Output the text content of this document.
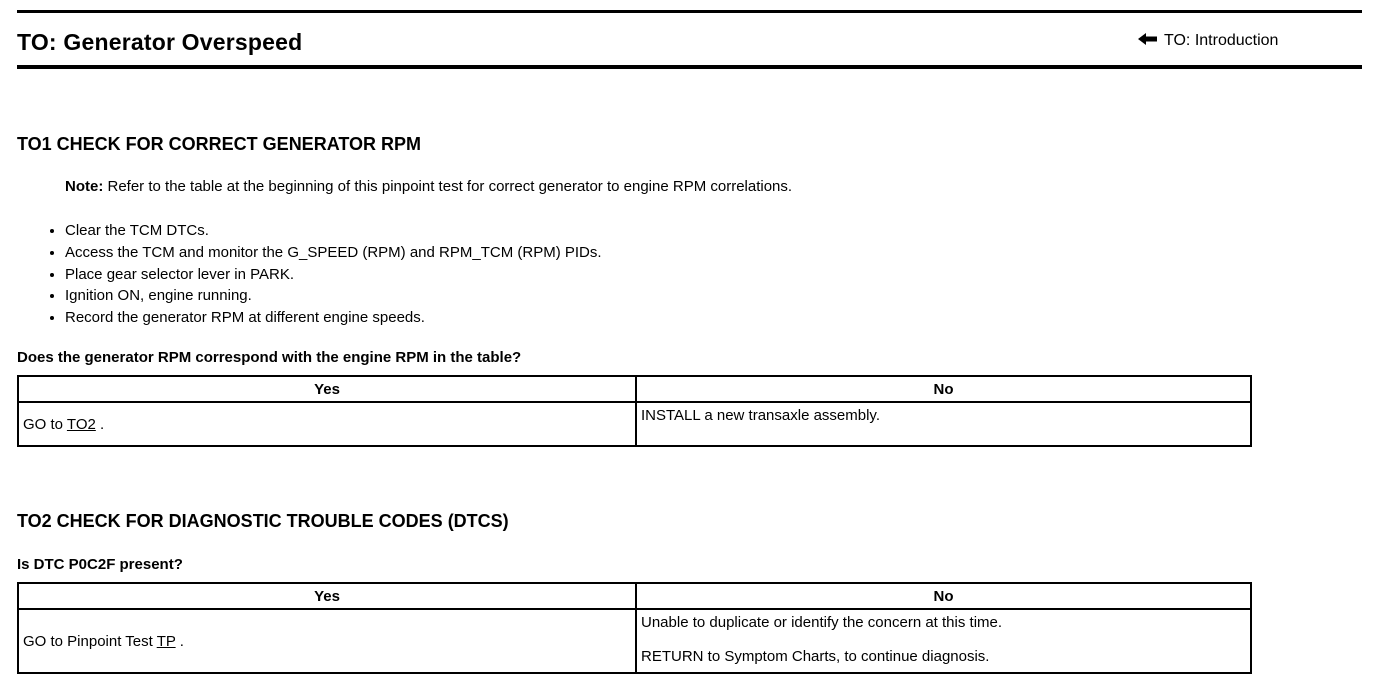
TO: Generator Overspeed	TO: Introduction
TO1 CHECK FOR CORRECT GENERATOR RPM
Note: Refer to the table at the beginning of this pinpoint test for correct generator to engine RPM correlations.
• Clear the TCM DTCs.
• Access the TCM and monitor the G_SPEED (RPM) and RPM_TCM (RPM) PIDs.
• Place gear selector lever in PARK.
• Ignition ON, engine running.
• Record the generator RPM at different engine speeds.
Does the generator RPM correspond with the engine RPM in the table?
Yes	No
GO to TO2 .	INSTALL a new transaxle assembly.
TO2 CHECK FOR DIAGNOSTIC TROUBLE CODES (DTCS)
Is DTC P0C2F present?
Yes	No
GO to Pinpoint Test TP .	Unable to duplicate or identify the concern at this time.
RETURN to Symptom Charts, to continue diagnosis.
